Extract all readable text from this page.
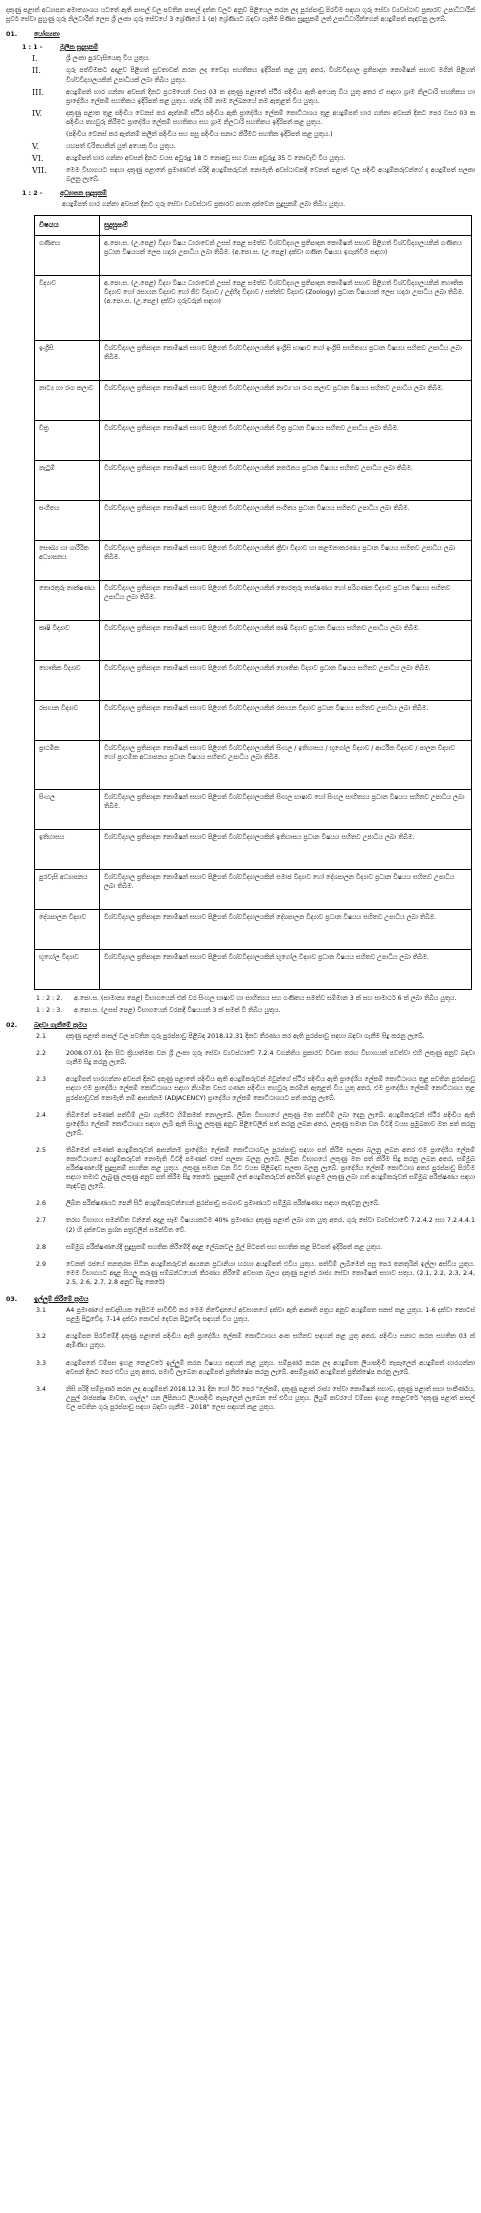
දකුණු පළාත් අධ්‍යාපන අමාත්‍යාංශය යටතේ ඇති පාසල් වල පවතින පාසල් දත්ත වලට අනුව පිළියෙල කරන ලද පුරප්පාඩු පිරවීම සඳහා ගුරු සේවා ව්‍යවස්ථාව ප්‍රකාරව උපාධිධාරීන් පූර්ව සේවා පුහුණු ගුරු නිලධාරීන් ලෙස ශ්‍රී ලංකා ගුරු සේවයේ 3 ශ්‍රේණියේ 1 (අ) ශ්‍රේණියට බඳවා ගැනීම පිණිස සුදුසුකම් ලත් උපාධිධාරීන්ගෙන් අයදුම්පත් කැඳවනු ලැබේ.
01.	යෝග්‍යතා
1 : 1 -	මූලික සුදුසුකම්
I.	ශ්‍රී ලංකා පුරවැසියෙකු විය යුතුය.
II.	ගුරු පත්වීමකට අදාළව පිළිගත් සුවතාවක් කරන ලද වෛද්‍ය සහතිකය ඉදිරිපත් කළ යුතු අතර, විශ්වවිද්‍යාල ප්‍රතිපාදන කොමිෂන් සභාව මගින් පිළිගත් විශ්වවිද්‍යාලයකින් උපාධියක් ලබා තිබිය යුතුය.
III.	අයදුම්පත් භාර ගන්නා අවසන් දිනට ප්‍රථමයෙන් වසර 03 ක දකුණු පළාතේ ස්ථිර පදිංචිය ඇති අයෙකු විය යුතු අතර ඒ සඳහා ග්‍රාම නිලධාරි සහතිකය හා ප්‍රාදේශීය ලේකම් සහතිකය ඉදිරිපත් කළ යුතුය. ඡන්ද හිමි නාම ලේඛනයේ නම ඇතුළත් විය යුතුය.
IV.	දකුණු පළාත තුළ පදිංචිය වෙනස් කර ඇත්නම් ස්ථිර පදිංචිය ඇති ප්‍රාදේශීය ලේකම් කොට්ඨාශය තුළ අයදුම්පත් භාර ගන්නා අවසන් දිනට පෙර වසර 03 ක පදිංචිය තහවුරු කිරීමට ප්‍රාදේශීය ලේකම් සහතිකය සහ ග්‍රාම නිලධාරි සහතිකය ඉදිරිපත් කළ යුතුය.
(පදිංචිය වෙනස් කර ඇත්නම් කලින් පදිංචිය සහ පසු පදිංචිය සනාථ කිරීමට සහතික ඉදිරිපත් කළ යුතුය.)
V.	යහපත් චරිතයකින් යුත් අයෙකු විය යුතුය.
VI.	අයදුම්පත් භාර ගන්නා අවසන් දිනට වයස අවුරුදු 18 ට නොඅඩු සහ වයස අවුරුදු 35 ට නොවැඩි විය යුතුය.
VII.	මෙම විභාගයට සඳහා දකුණු පළාතේ ප්‍රමාණවත් පරිදි අයදුම්කරුවන් නොමැති අවස්ථාවකදී වෙනත් පළාත් වල පදිංචි අයදුම්කරුවන්ගේ ද අයදුම්පත් සලකා බලනු ලැබේ.
1 : 2 -	අධ්‍යාපන සුදුසුකම්
අයදුම්පත් භාර ගන්නා අවසන් දිනට ගුරු සේවා ව්‍යවස්ථාව ප්‍රකාරව පහත දක්වෙන සුදුසුකම් ලබා තිබිය යුතුය.
විෂයය	සුදුසුකම්
ගණිතය	අ.පො.ස. (උ.පෙළ) විද්‍යා විෂය ධාරාවෙන් උසස් පෙළ සමත්ව විශ්වවිද්‍යාල ප්‍රතිපාදන කොමිෂන් සභාව පිළිගත් විශ්වවිද්‍යාලයකින් ගණිතය ප්‍රධාන විෂයයක් ලෙස හදාරා උපාධිය ලබා තිබීම. (අ.පො.ස. (උ.පෙළ) දක්වා ගණිත විෂයය ඉගැන්වීම සඳහා)
විද්‍යාව	අ.පො.ස. (උ.පෙළ) විද්‍යා විෂය ධාරාවෙන් උසස් පෙළ සමත්ව විශ්වවිද්‍යාල ප්‍රතිපාදන කොමිෂන් සභාව පිළිගත් විශ්වවිද්‍යාලයකින් භෞතික විද්‍යාව හෝ රසායන විද්‍යාව හෝ ජීව විද්‍යාව / උද්භිද විද්‍යාව / සත්ත්ව විද්‍යාව (Zoology) ප්‍රධාන විෂයයක් ලෙස හදාරා උපාධිය ලබා තිබීම. (අ.පො.ස. (උ.පෙළ) දක්වා ගුරුවරුන් සඳහා)
ඉංග්‍රීසි	විශ්වවිද්‍යාල ප්‍රතිපාදන කොමිෂන් සභාව පිළිගත් විශ්වවිද්‍යාලයකින් ඉංග්‍රීසි භාෂාව හෝ ඉංග්‍රීසි සාහිත්‍යය ප්‍රධාන විෂයය සහිතව උපාධිය ලබා තිබීම.
නාට්‍ය හා රංග කලාව	විශ්වවිද්‍යාල ප්‍රතිපාදන කොමිෂන් සභාව පිළිගත් විශ්වවිද්‍යාලයකින් නාට්‍ය හා රංග කලාව ප්‍රධාන විෂයය සහිතව උපාධිය ලබා තිබීම.
චිත්‍ර	විශ්වවිද්‍යාල ප්‍රතිපාදන කොමිෂන් සභාව පිළිගත් විශ්වවිද්‍යාලයකින් චිත්‍ර ප්‍රධාන විෂයය සහිතව උපාධිය ලබා තිබීම.
නැටුම්	විශ්වවිද්‍යාල ප්‍රතිපාදන කොමිෂන් සභාව පිළිගත් විශ්වවිද්‍යාලයකින් නර්තනය ප්‍රධාන විෂයය සහිතව උපාධිය ලබා තිබීම.
සංගීතය	විශ්වවිද්‍යාල ප්‍රතිපාදන කොමිෂන් සභාව පිළිගත් විශ්වවිද්‍යාලයකින් සංගීතය ප්‍රධාන විෂයය සහිතව උපාධිය ලබා තිබීම.
සෞඛ්‍ය හා ශාරීරික අධ්‍යාපනය	විශ්වවිද්‍යාල ප්‍රතිපාදන කොමිෂන් සභාව පිළිගත් විශ්වවිද්‍යාලයකින් ක්‍රීඩා විද්‍යාව හා කළමනාකරණය ප්‍රධාන විෂයය සහිතව උපාධිය ලබා තිබීම.
තොරතුරු තාක්ෂණය	විශ්වවිද්‍යාල ප්‍රතිපාදන කොමිෂන් සභාව පිළිගත් විශ්වවිද්‍යාලයකින් තොරතුරු තාක්ෂණය හෝ පරිගණක විද්‍යාව ප්‍රධාන විෂයය සහිතව උපාධිය ලබා තිබීම.
කෘෂි විද්‍යාව	විශ්වවිද්‍යාල ප්‍රතිපාදන කොමිෂන් සභාව පිළිගත් විශ්වවිද්‍යාලයකින් කෘෂි විද්‍යාව ප්‍රධාන විෂයය සහිතව උපාධිය ලබා තිබීම.
භෞතික විද්‍යාව	විශ්වවිද්‍යාල ප්‍රතිපාදන කොමිෂන් සභාව පිළිගත් විශ්වවිද්‍යාලයකින් භෞතික විද්‍යාව ප්‍රධාන විෂයය සහිතව උපාධිය ලබා තිබීම.
රසායන විද්‍යාව	විශ්වවිද්‍යාල ප්‍රතිපාදන කොමිෂන් සභාව පිළිගත් විශ්වවිද්‍යාලයකින් රසායන විද්‍යාව ප්‍රධාන විෂයය සහිතව උපාධිය ලබා තිබීම.
ප්‍රාථමික	විශ්වවිද්‍යාල ප්‍රතිපාදන කොමිෂන් සභාව පිළිගත් විශ්වවිද්‍යාලයකින් සිංහල / ඉතිහාසය / භූගෝල විද්‍යාව / ආර්ථික විද්‍යාව / පාලන විද්‍යාව හෝ ප්‍රාථමික අධ්‍යාපනය ප්‍රධාන විෂයය සහිතව උපාධිය ලබා තිබීම.
සිංහල	විශ්වවිද්‍යාල ප්‍රතිපාදන කොමිෂන් සභාව පිළිගත් විශ්වවිද්‍යාලයකින් සිංහල භාෂාව හෝ සිංහල සාහිත්‍යය ප්‍රධාන විෂයය සහිතව උපාධිය ලබා තිබීම.
ඉතිහාසය	විශ්වවිද්‍යාල ප්‍රතිපාදන කොමිෂන් සභාව පිළිගත් විශ්වවිද්‍යාලයකින් ඉතිහාසය ප්‍රධාන විෂයය සහිතව උපාධිය ලබා තිබීම.
පුරවැසි අධ්‍යාපනය	විශ්වවිද්‍යාල ප්‍රතිපාදන කොමිෂන් සභාව පිළිගත් විශ්වවිද්‍යාලයකින් සමාජ විද්‍යාව හෝ දේශපාලන විද්‍යාව ප්‍රධාන විෂයය සහිතව උපාධිය ලබා තිබීම.
දේශපාලන විද්‍යාව	විශ්වවිද්‍යාල ප්‍රතිපාදන කොමිෂන් සභාව පිළිගත් විශ්වවිද්‍යාලයකින් දේශපාලන විද්‍යාව ප්‍රධාන විෂයය සහිතව උපාධිය ලබා තිබීම.
භූගෝල විද්‍යාව	විශ්වවිද්‍යාල ප්‍රතිපාදන කොමිෂන් සභාව පිළිගත් විශ්වවිද්‍යාලයකින් භූගෝල විද්‍යාව ප්‍රධාන විෂයය සහිතව උපාධිය ලබා තිබීම.
1 : 2 : 2.	අ.පො.ස. (සාමාන්‍ය පෙළ) විභාගයෙන් එක් වර සිංහල භාෂාව හා සාහිත්‍යය සහ ගණිතය සමත්ව සම්මාන 3 ක් සහ සාමාර්ථ 6 ක් ලබා තිබිය යුතුය.
1 : 2 : 3.	අ.පො.ස. (උසස් පෙළ) විභාගයෙන් වරකදී විෂයයන් 3 ක් සමත් වී තිබිය යුතුය.
02.	බඳවා ගැනීමේ ක්‍රමය
2.1	දකුණු පළාත් පාසල් වල පවතින ගුරු පුරප්පාඩු පිළිබඳ 2018.12.31 දිනට තීරණය කර ඇති පුරප්පාඩු සඳහා බඳවා ගැනීම සිදු කරනු ලැබේ.
2.2	2008.07.01 දින සිට ක්‍රියාත්මක වන ශ්‍රී ලංකා ගුරු සේවා ව්‍යවස්ථාවේ 7.2.4 වගන්තිය ප්‍රකාරව විවෘත තරඟ විභාගයක් පවත්වා එහි ලකුණු අනුව බඳවා ගැනීම සිදු කරනු ලැබේ.
2.3	අයදුම්පත් භාරගන්නා අවසන් දිනට දකුණු පළාතේ පදිංචිය ඇති අයදුම්කරුවන් ඔවුන්ගේ ස්ථිර පදිංචිය ඇති ප්‍රාදේශීය ලේකම් කොට්ඨාශය තුළ පවතින පුරප්පාඩු සඳහා එම ප්‍රාදේශීය ලේකම් කොට්ඨාශය සඳහා නියමිත වසර ගණන පදිංචිය තහවුරු කරමින් ඇතුළත් විය යුතු අතර, එම ප්‍රාදේශීය ලේකම් කොට්ඨාශය තුළ පුරප්පාඩුවක් නොමැති නම් ආසන්නම (ADJACENCY) ප්‍රාදේශීය ලේකම් කොට්ඨාශයට පත් කරනු ලැබේ.
2.4	තිබීමෙන් පමණක් පත්වීම් ලබා ගැනීමට හිමිකමක් නොලැබේ. ලිඛිත විභාගයේ ලකුණු මත පත්වීම් ලබා දෙනු ලැබේ. අයදුම්කරුවන් ස්ථිර පදිංචිය ඇති ප්‍රාදේශීය ලේකම් කොට්ඨාශය සඳහා ලැබී ඇති සියලු ලකුණු අනුව පිළිවෙලින් පත් කරනු ලබන අතර, ලකුණු සමාන වන විටදී වයස ප්‍රමුඛතාව මත පත් කරනු ලැබේ.
2.5	තිබීමෙන් පමණක් අයදුම්කරුවන් ආසන්නම ප්‍රාදේශීය ලේකම් කොට්ඨාශවල පුරප්පාඩු සඳහා පත් කිරීම සලකා බලනු ලබන අතර එම ප්‍රාදේශීය ලේකම් කොට්ඨාශයේ අයදුම්කරුවන් නොමැති විටදී පමණක් එසේ සලකා බලනු ලැබේ. ලිඛිත විභාගයේ ලකුණු මත පත් කිරීම සිදු කරනු ලබන අතර, සම්මුඛ පරීක්ෂණයේදී සුදුසුකම් සහතික කළ යුතුය. ලකුණු සමාන වන විට වයස පිළිබඳව සලකා බලනු ලැබේ. ප්‍රාදේශීය ලේකම් කොට්ඨාශ අතර පුරප්පාඩු පිරවීම සඳහා තමාට ලැබුණු ලකුණු අනුව පත් කිරීම සිදු කෙරේ. සුදුසුකම් ලත් අයදුම්කරුවන් අතරින් ඉහළම ලකුණු ලබා ගත් අයදුම්කරුවන් සම්මුඛ පරීක්ෂණය සඳහා කැඳවනු ලැබේ.
2.6	ලිඛිත පරීක්ෂණයට පෙනී සිටි අයදුම්කරුවන්ගෙන් පුරප්පාඩු සංඛ්‍යාව ප්‍රමාණයට සම්මුඛ පරීක්ෂණය සඳහා කැඳවනු ලැබේ.
2.7	තරඟ විභාගය සමන්විත වන්නේ අදාළ සෑම විෂයයකටම 40% ප්‍රමාණය දකුණු පළාත් ලබා ගත යුතු අතර, ගුරු සේවා ව්‍යවස්ථාවේ 7.2.4.2 සහ 7.2.4.4.1 (2) හි දක්වෙන ප්‍රශ්න පත්‍රවලින් සමන්විත වේ.
2.8	සම්මුඛ පරීක්ෂණයේදී සුදුසුකම් සහතික කිරීමේදී අදාළ ලේඛනවල මුල් පිටපත් සහ සහතික කළ පිටපත් ඉදිරිපත් කළ යුතුය.
2.9	වෙනත් රජයේ තනතුරක සිටින අයදුම්කරුවන් ආයතන ප්‍රධානියා හරහා අයදුම්පත් එවිය යුතුය. පත්වීම් ලැබීමෙන් පසු පෙර තනතුරින් ඉල්ලා අස්විය යුතුය. මෙම විභාගයට අදාළ සියලු කරුණු සම්බන්ධයෙන් තීරණය කිරීමේ අවසාන බලය දකුණු පළාත් රාජ්‍ය සේවා කොමිෂන් සභාව සතුය. (2.1, 2.2, 2.3, 2.4, 2.5, 2.6, 2.7, 2.8 අනුව සිදු කෙරේ)
03.	ඉල්ලුම් කිරීමේ ක්‍රමය
3.1	A4 ප්‍රමාණයේ කඩදාසියක දෙපිටම පාවිච්චි කර මෙම නිවේදනයේ අවසානයේ දක්වා ඇති ආකෘති පත්‍රය අනුව අයදුම්පත සකස් කළ යුතුය. 1-6 දක්වා කොටස් පළමු පිටුවේද, 7-14 දක්වා කොටස් දෙවන පිටුවේද සඳහන් විය යුතුය.
3.2	අයදුම්පත පිරවීමේදී දකුණු පළාතේ පදිංචිය ඇති ප්‍රාදේශීය ලේකම් කොට්ඨාශය අංක සහිතව සඳහන් කළ යුතු අතර, පදිංචිය සනාථ කරන සහතික 03 ක් ඇමිණිය යුතුය.
3.3	අයදුම්පතේ වම්පස ඉහළ කෙළවරේ ඉල්ලුම් කරන විෂයය සඳහන් කළ යුතුය. සම්පූර්ණ කරන ලද අයදුම්පත ලියාපදිංචි තැපෑලෙන් අයදුම්පත් භාරගන්නා අවසන් දිනට පෙර එවිය යුතු අතර, පමාවී ලැබෙන අයදුම්පත් ප්‍රතික්ෂේප කරනු ලැබේ. අසම්පූර්ණ අයදුම්පත් ප්‍රතික්ෂේප කරනු ලැබේ.
3.4	නිසි පරිදි සම්පූර්ණ කරන ලද අයදුම්පත් 2018.12.31 දින හෝ ඊට පෙර "ලේකම්, දකුණු පළාත් රාජ්‍ය සේවා කොමිෂන් සභාව, දකුණු පළාත් සභා සංකීර්ණය, උපුල් රාජපක්ෂ මාවත, ගාල්ල" යන ලිපිනයට ලියාපදිංචි තැපෑලෙන් ලැබෙන සේ එවිය යුතුය. ලියුම් කවරයේ වම්පස ඉහළ කෙළවරේ "දකුණු පළාත් පාසල් වල පවතින ගුරු පුරප්පාඩු සඳහා බඳවා ගැනීම - 2018" ලෙස සඳහන් කළ යුතුය.
